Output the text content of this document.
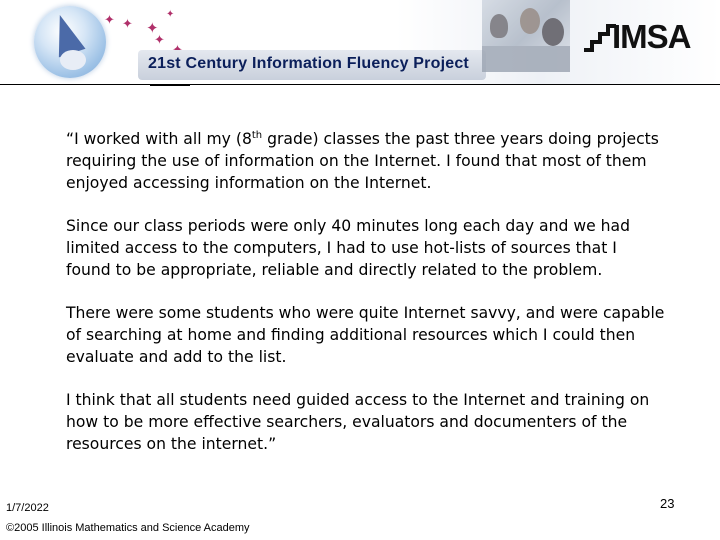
✦ ✦ ✦
✦
✦
21st Century Information Fluency Project
IMSA

“I worked with all my (8th grade) classes the past three years doing projects requiring the use of information on the Internet. I found that most of them enjoyed accessing information on the Internet.

Since our class periods were only 40 minutes long each day and we had limited access to the computers, I had to use hot-lists of sources that I found to be appropriate, reliable and directly related to the problem.

There were some students who were quite Internet savvy, and were capable of searching at home and finding additional resources which I could then evaluate and add to the list.

I think that all students need guided access to the Internet and training on how to be more effective searchers, evaluators and documenters of the resources on the internet.”

1/7/2022
©2005 Illinois Mathematics and Science Academy
23
